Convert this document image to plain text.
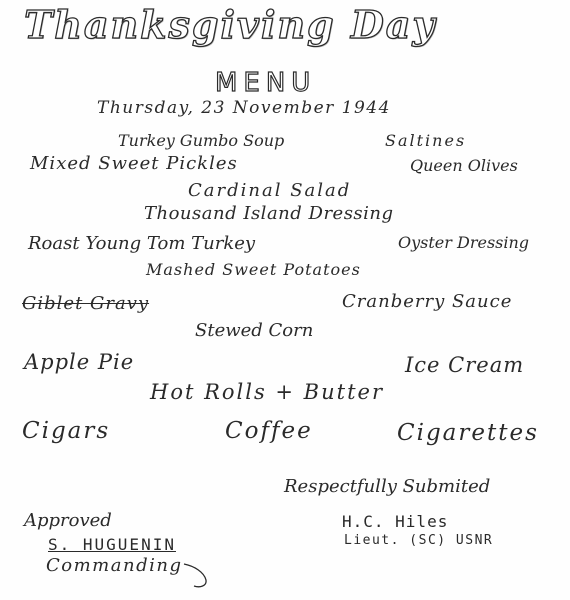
Thanksgiving Day
MENU
Thursday, 23 November 1944
Turkey Gumbo Soup	Saltines
Mixed Sweet Pickles	Queen Olives
Cardinal Salad
Thousand Island Dressing
Roast Young Tom Turkey	Oyster Dressing
Mashed Sweet Potatoes
Giblet Gravy	Cranberry Sauce
Stewed Corn
Apple Pie	Ice Cream
Hot Rolls + Butter
Cigars	Coffee	Cigarettes
Respectfully Submited
Approved
S. HUGUENIN
Commanding
H.C. Hiles
Lieut. (SC) USNR
